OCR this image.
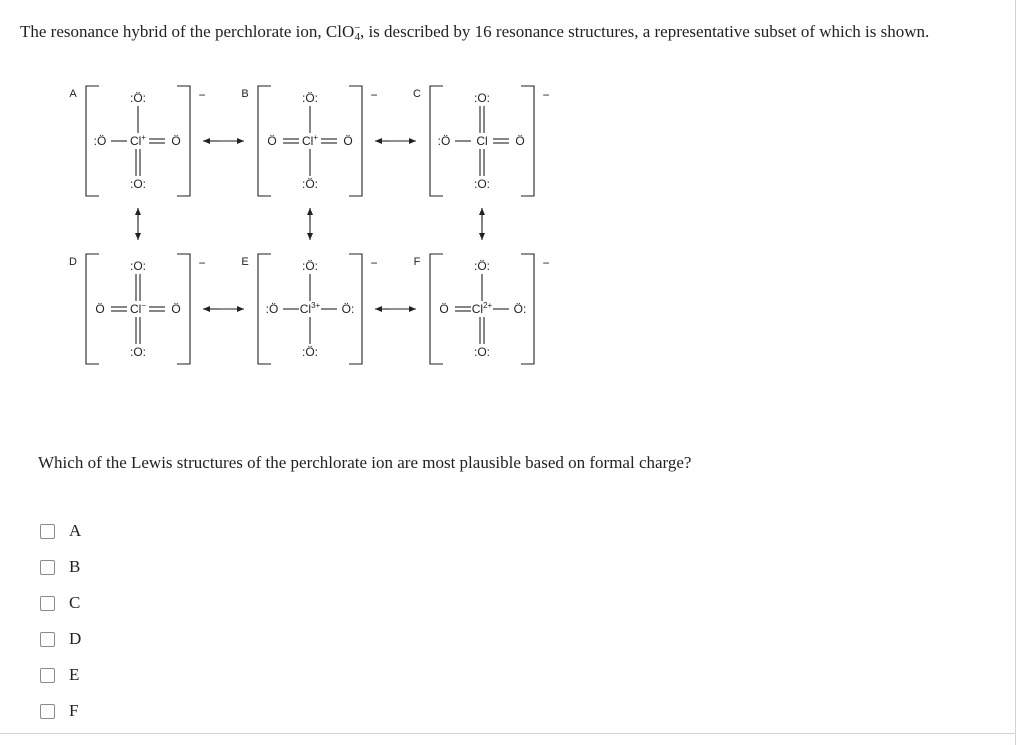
The resonance hybrid of the perchlorate ion, ClO−$_4$, is described by 16 resonance structures, a representative subset of which is shown.
A	−
:Ö:
:Ö	Ö
:O:
Cl+
B	−
:Ö:
Ö	Ö
:Ö:
Cl+
C	−
:O:
:Ö	Ö
:O:
Cl
D	−
:O:
Ö	Ö
:O:
Cl−
E	−
:Ö:
:Ö	Ö:
:Ö:
$Cl^{3+}$
F	−
:Ö:
Ö	Ö:
:O:
$Cl^{2+}$
Which of the Lewis structures of the perchlorate ion are most plausible based on formal charge?
A
B
C
D
E
F
